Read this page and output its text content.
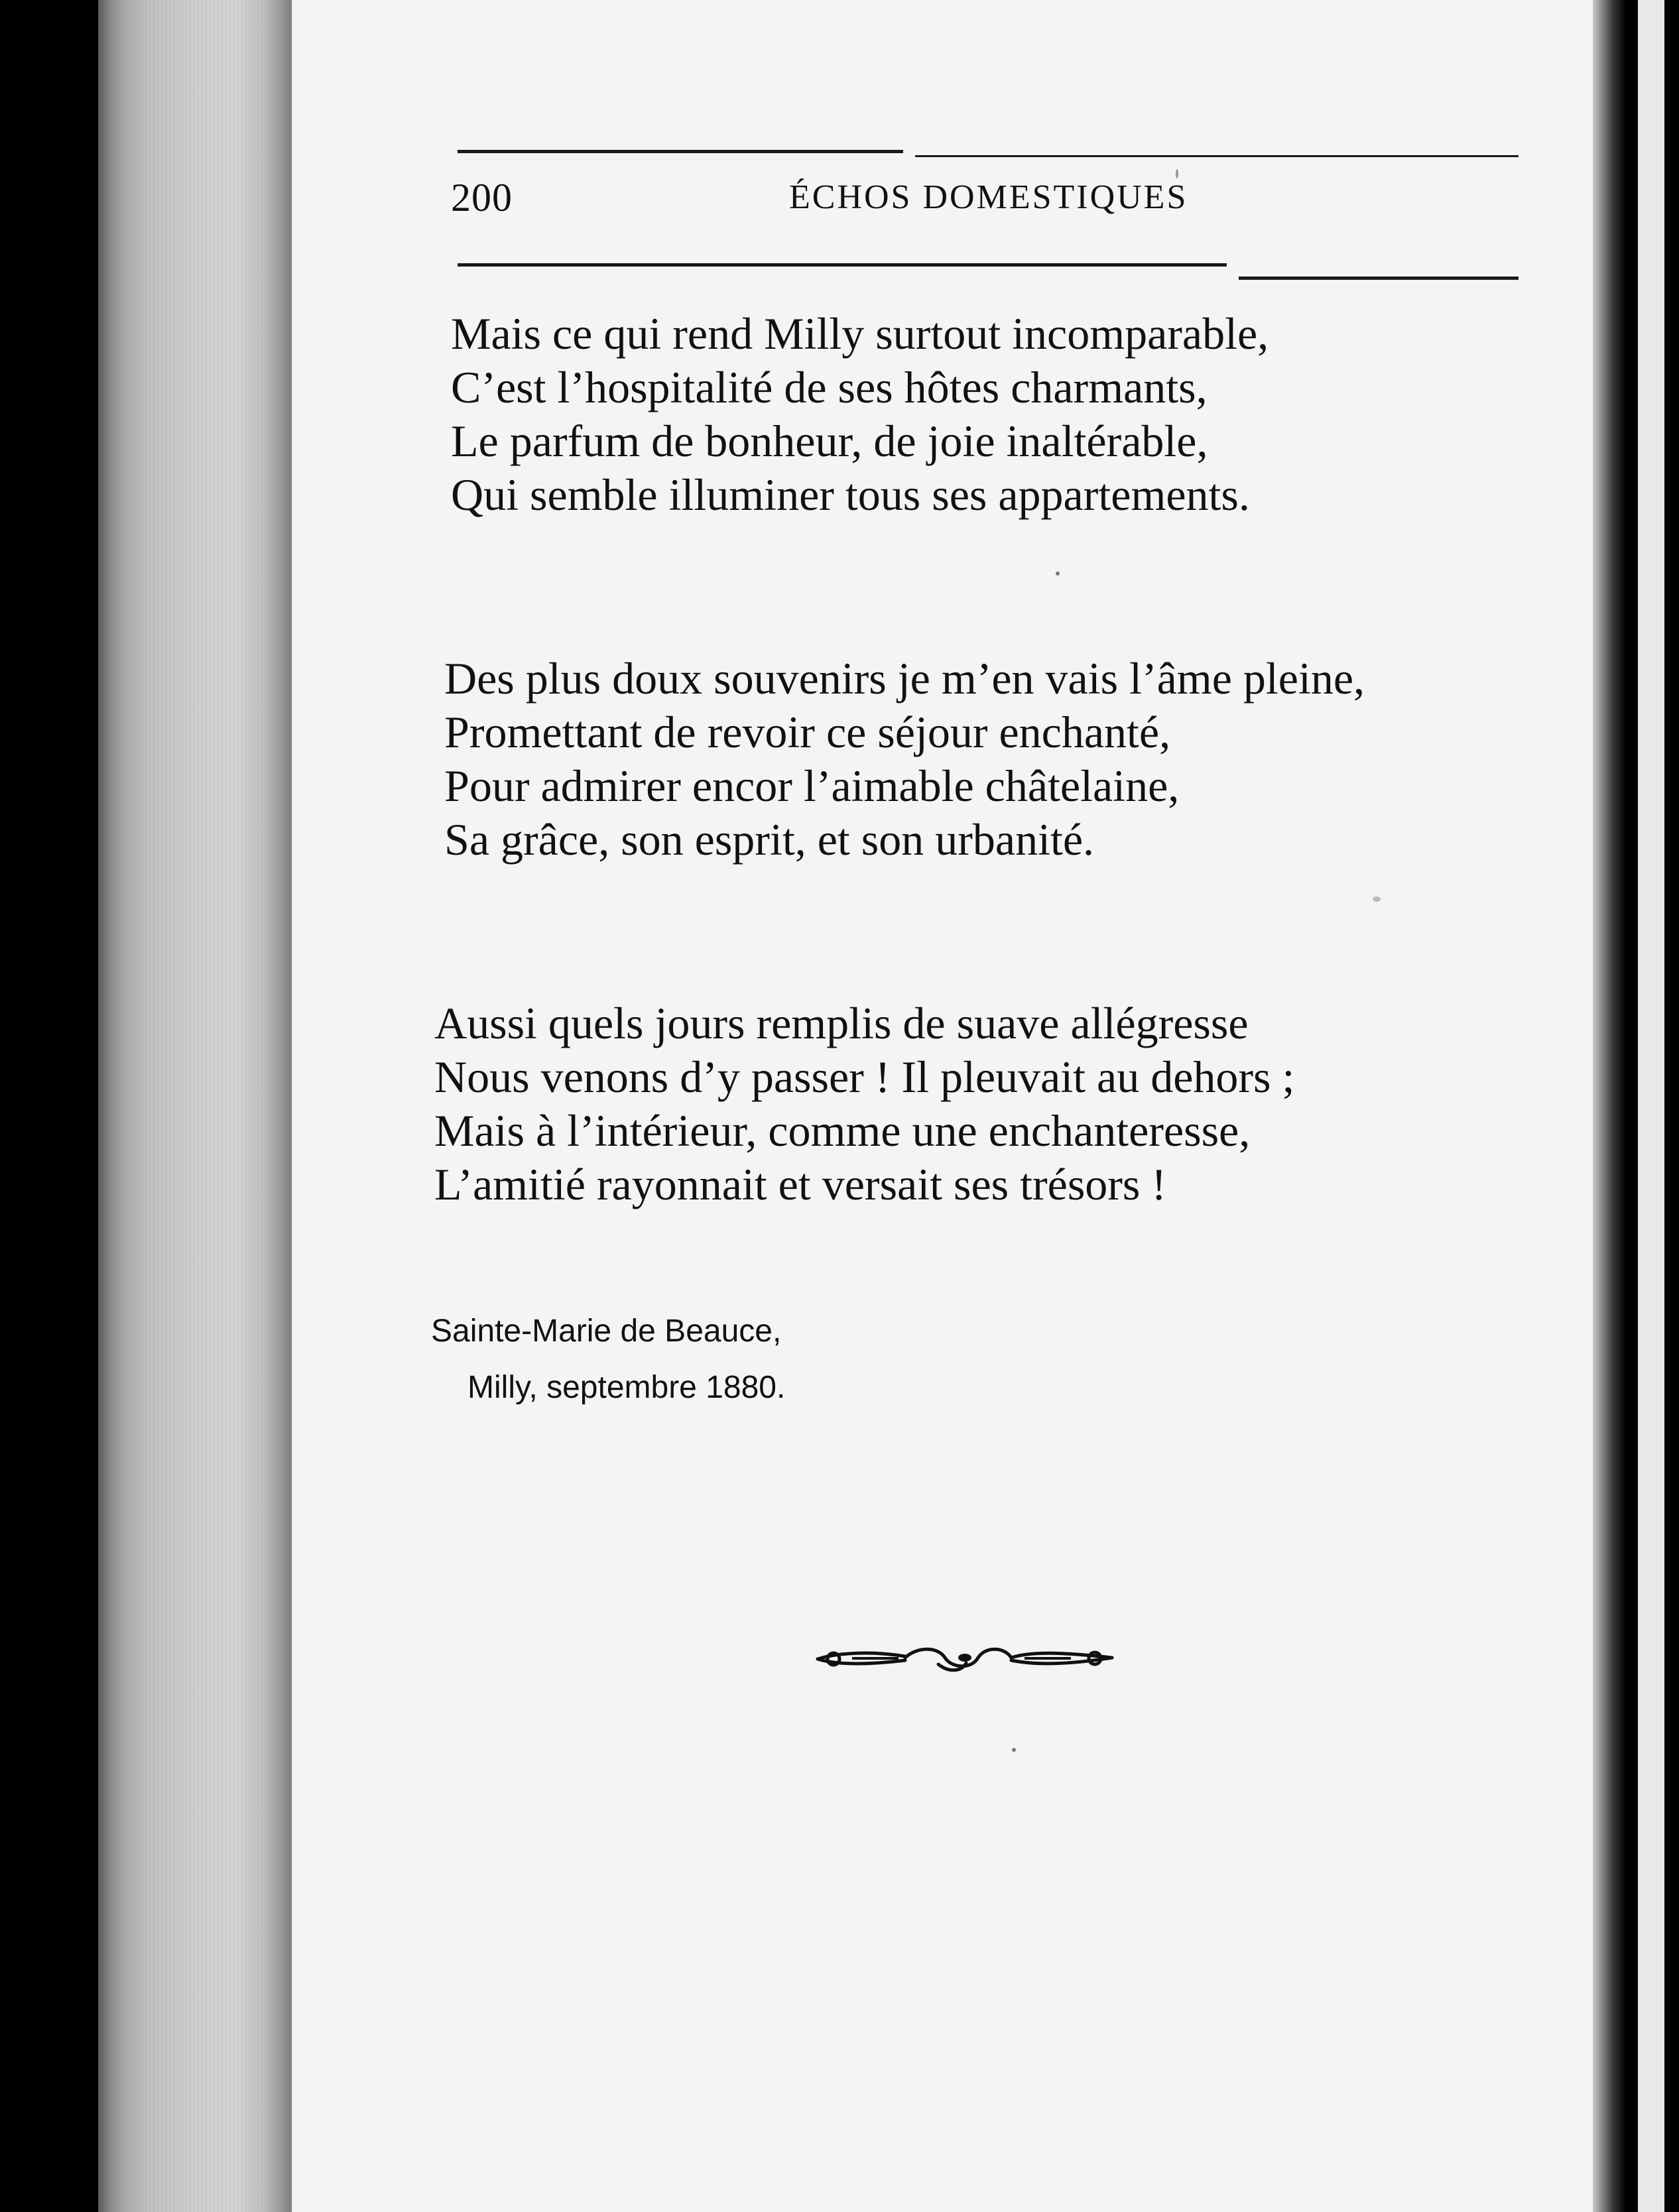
200	ÉCHOS DOMESTIQUES
Mais ce qui rend Milly surtout incomparable,
C’est l’hospitalité de ses hôtes charmants,
Le parfum de bonheur, de joie inaltérable,
Qui semble illuminer tous ses appartements.
Des plus doux souvenirs je m’en vais l’âme pleine,
Promettant de revoir ce séjour enchanté,
Pour admirer encor l’aimable châtelaine,
Sa grâce, son esprit, et son urbanité.
Aussi quels jours remplis de suave allégresse
Nous venons d’y passer ! Il pleuvait au dehors ;
Mais à l’intérieur, comme une enchanteresse,
L’amitié rayonnait et versait ses trésors !
Sainte-Marie de Beauce,
Milly, septembre 1880.
